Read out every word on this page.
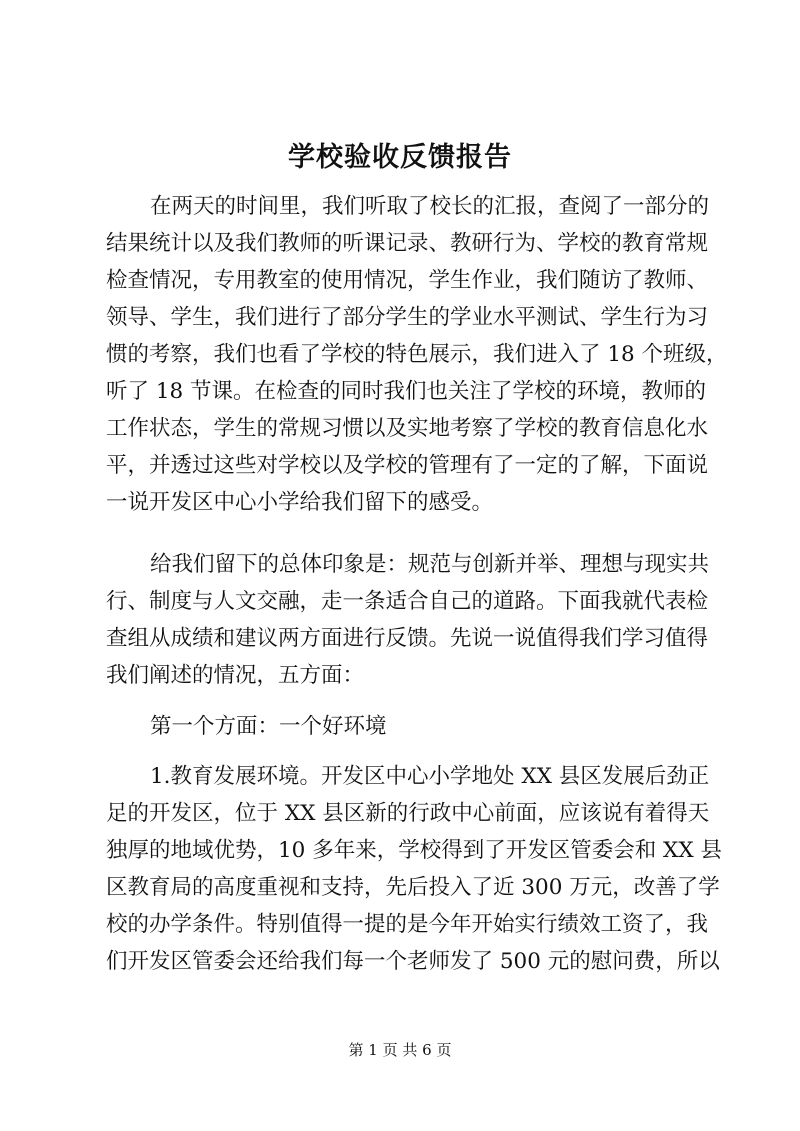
学校验收反馈报告
在两天的时间里，我们听取了校长的汇报，查阅了一部分的
结果统计以及我们教师的听课记录、教研行为、学校的教育常规
检查情况，专用教室的使用情况，学生作业，我们随访了教师、
领导、学生，我们进行了部分学生的学业水平测试、学生行为习
惯的考察，我们也看了学校的特色展示，我们进入了 18 个班级，
听了 18 节课。在检查的同时我们也关注了学校的环境，教师的
工作状态，学生的常规习惯以及实地考察了学校的教育信息化水
平，并透过这些对学校以及学校的管理有了一定的了解，下面说
一说开发区中心小学给我们留下的感受。
给我们留下的总体印象是：规范与创新并举、理想与现实共
行、制度与人文交融，走一条适合自己的道路。下面我就代表检
查组从成绩和建议两方面进行反馈。先说一说值得我们学习值得
我们阐述的情况，五方面：
第一个方面：一个好环境
1.教育发展环境。开发区中心小学地处 XX 县区发展后劲正
足的开发区，位于 XX 县区新的行政中心前面，应该说有着得天
独厚的地域优势，10 多年来，学校得到了开发区管委会和 XX 县
区教育局的高度重视和支持，先后投入了近 300 万元，改善了学
校的办学条件。特别值得一提的是今年开始实行绩效工资了，我
们开发区管委会还给我们每一个老师发了 500 元的慰问费，所以
第 1 页 共 6 页
